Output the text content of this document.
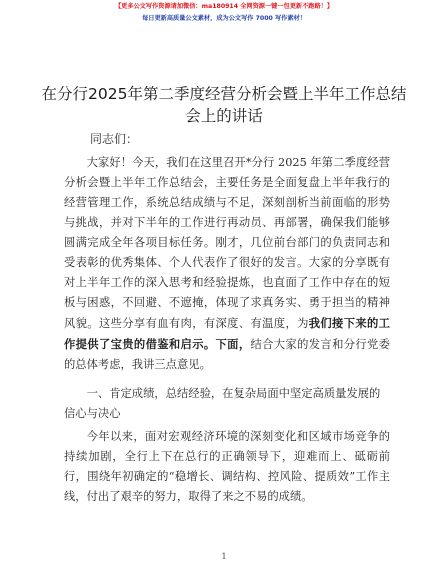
【更多公文写作资源请加微信：ma180914 全网资源一键一包更新不跑路！】
每日更新高质量公文素材，成为公文写作 7000 写作素材！
在分行2025年第二季度经营分析会暨上半年工作总结会上的讲话
同志们：

大家好！今天，我们在这里召开*分行 2025 年第二季度经营分析会暨上半年工作总结会，主要任务是全面复盘上半年我行的经营管理工作，系统总结成绩与不足，深刻剖析当前面临的形势与挑战，并对下半年的工作进行再动员、再部署，确保我们能够圆满完成全年各项目标任务。刚才，几位前台部门的负责同志和受表彰的优秀集体、个人代表作了很好的发言。大家的分享既有对上半年工作的深入思考和经验提炼，也直面了工作中存在的短板与困惑，不回避、不遮掩，体现了求真务实、勇于担当的精神风貌。这些分享有血有肉，有深度、有温度，为我们接下来的工作提供了宝贵的借鉴和启示。下面，结合大家的发言和分行党委的总体考虑，我讲三点意见。

一、肯定成绩，总结经验，在复杂局面中坚定高质量发展的信心与决心

今年以来，面对宏观经济环境的深刻变化和区域市场竞争的持续加剧，全行上下在总行的正确领导下，迎难而上、砥砺前行，围绕年初确定的“稳增长、调结构、控风险、提质效”工作主线，付出了艰辛的努力，取得了来之不易的成绩。

1
